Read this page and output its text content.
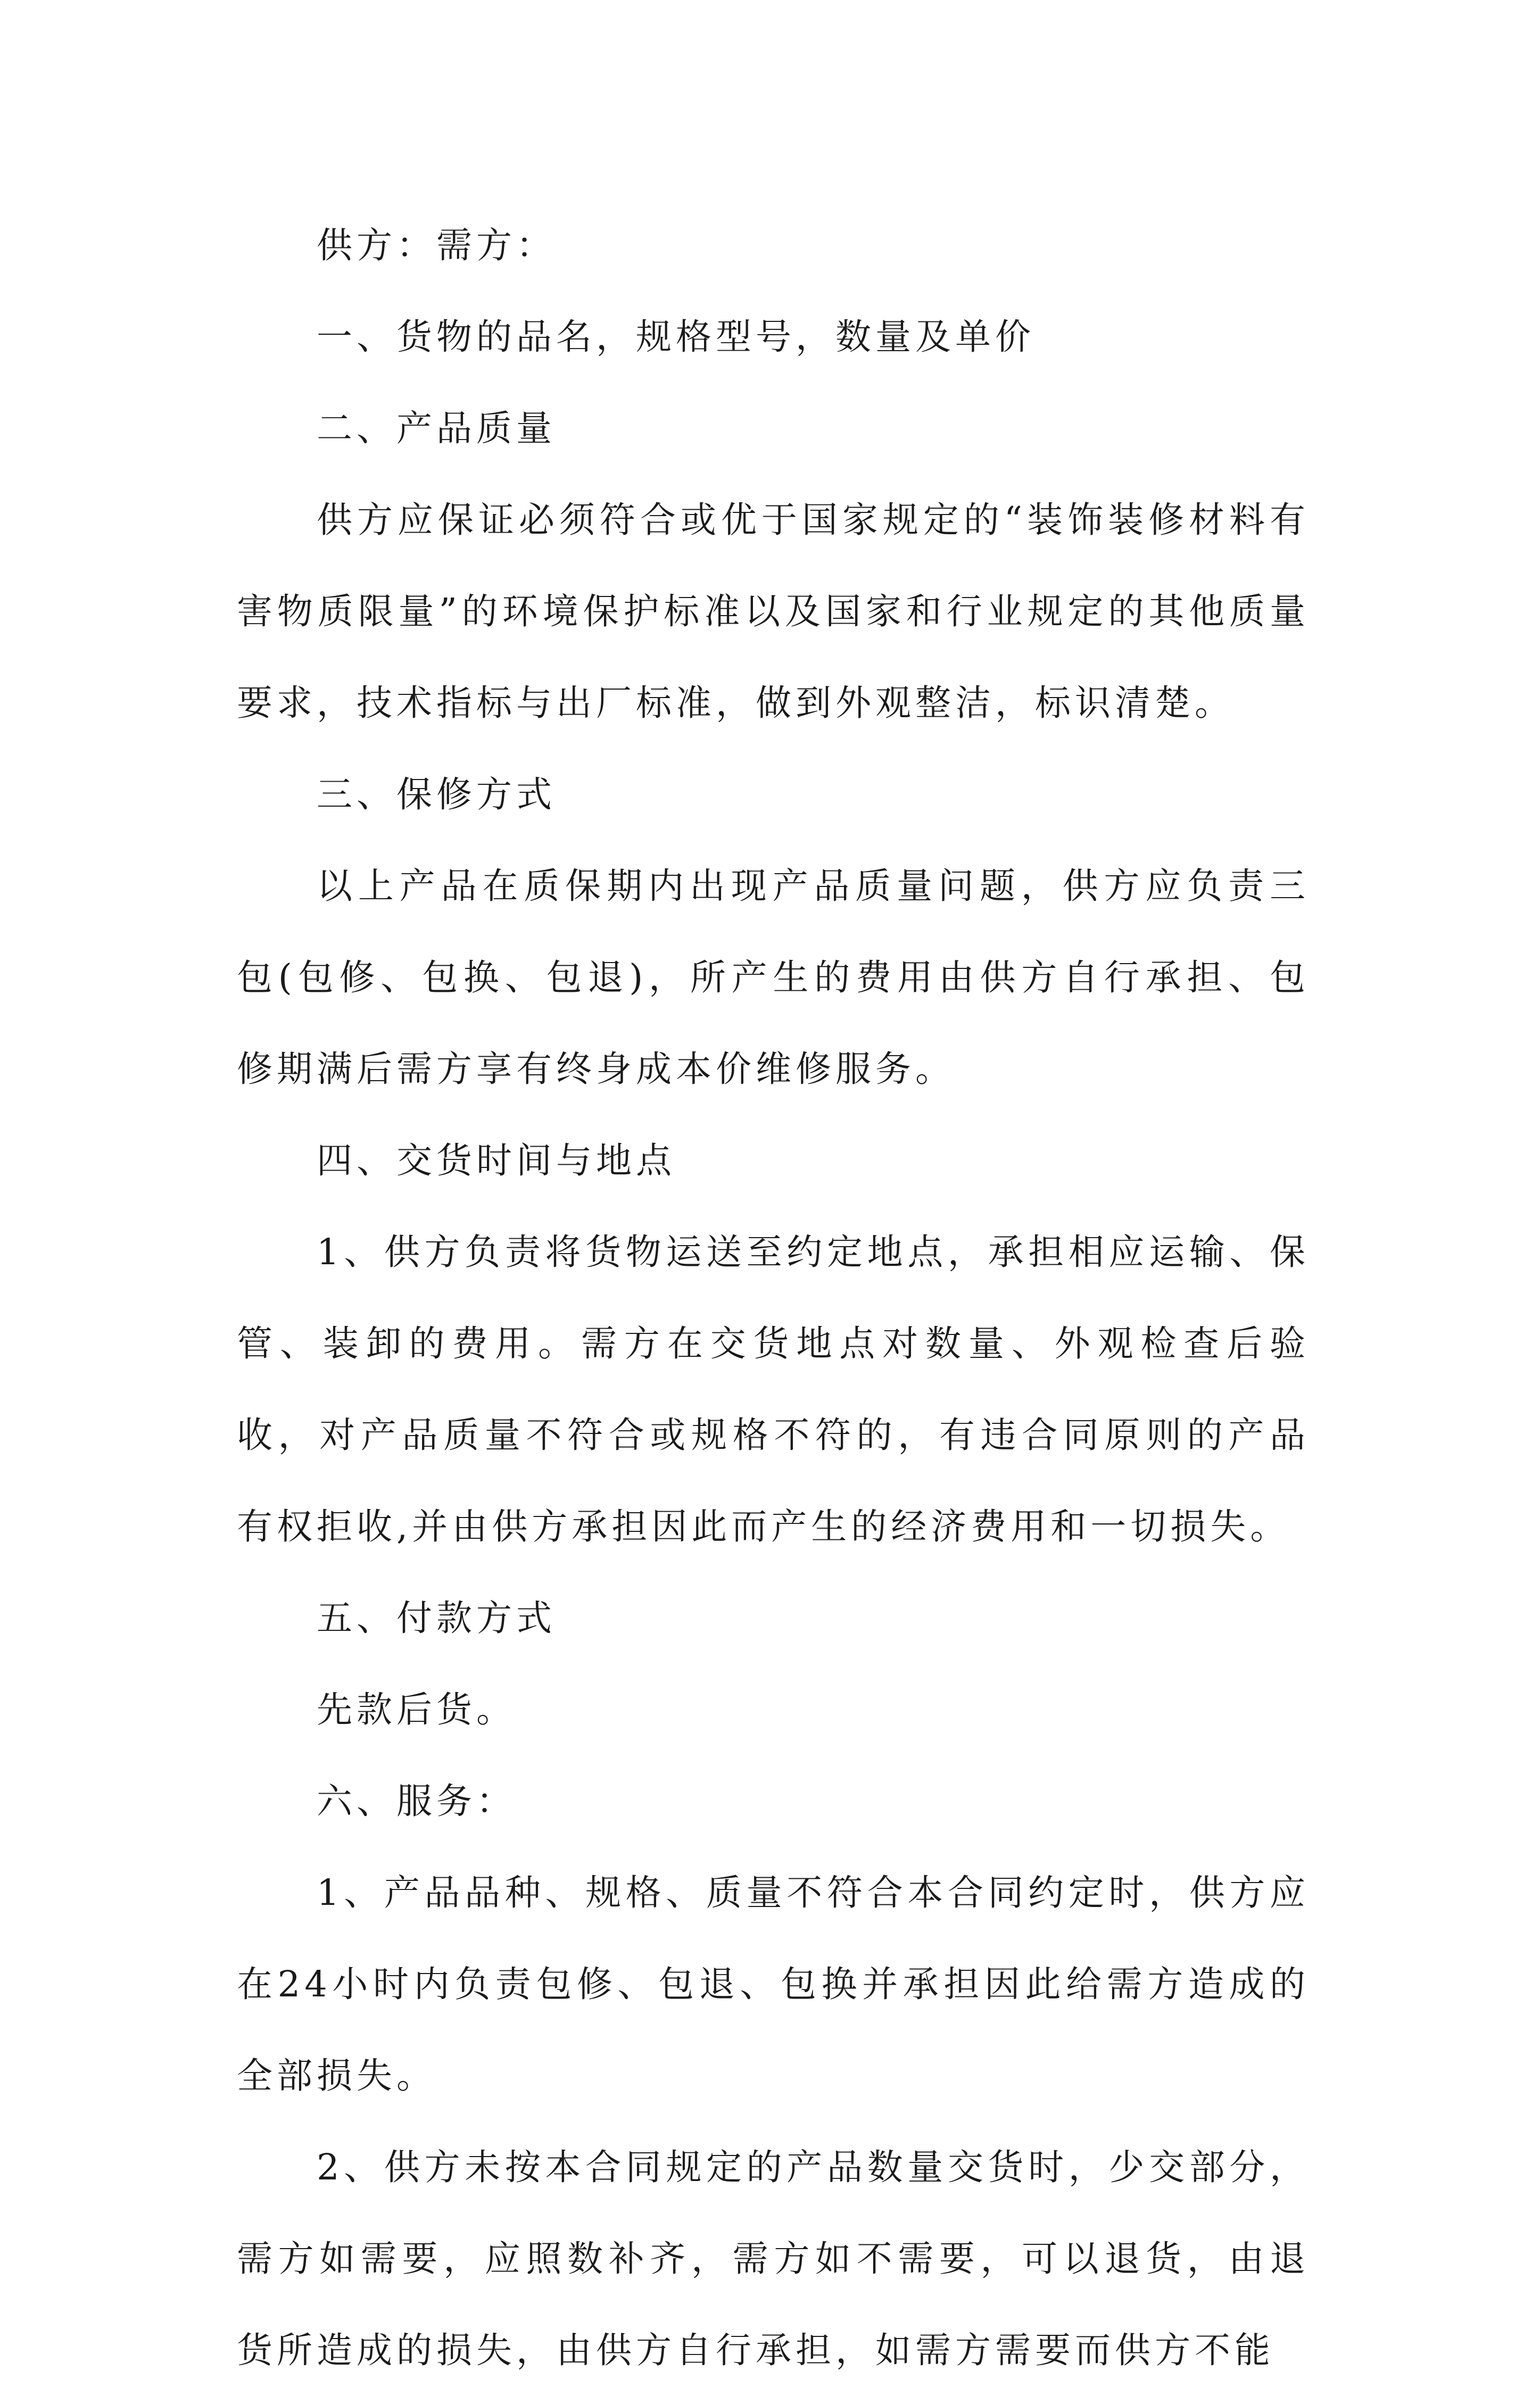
供方：需方：

一、货物的品名，规格型号，数量及单价

二、产品质量

供方应保证必须符合或优于国家规定的“装饰装修材料有害物质限量”的环境保护标准以及国家和行业规定的其他质量要求，技术指标与出厂标准，做到外观整洁，标识清楚。

三、保修方式

以上产品在质保期内出现产品质量问题，供方应负责三包(包修、包换、包退)，所产生的费用由供方自行承担、包修期满后需方享有终身成本价维修服务。

四、交货时间与地点

1、供方负责将货物运送至约定地点，承担相应运输、保管、装卸的费用。需方在交货地点对数量、外观检查后验收，对产品质量不符合或规格不符的，有违合同原则的产品有权拒收,并由供方承担因此而产生的经济费用和一切损失。

五、付款方式

先款后货。

六、服务：

1、产品品种、规格、质量不符合本合同约定时，供方应在24小时内负责包修、包退、包换并承担因此给需方造成的全部损失。

2、供方未按本合同规定的产品数量交货时，少交部分，需方如需要，应照数补齐，需方如不需要，可以退货，由退货所造成的损失，由供方自行承担，如需方需要而供方不能
